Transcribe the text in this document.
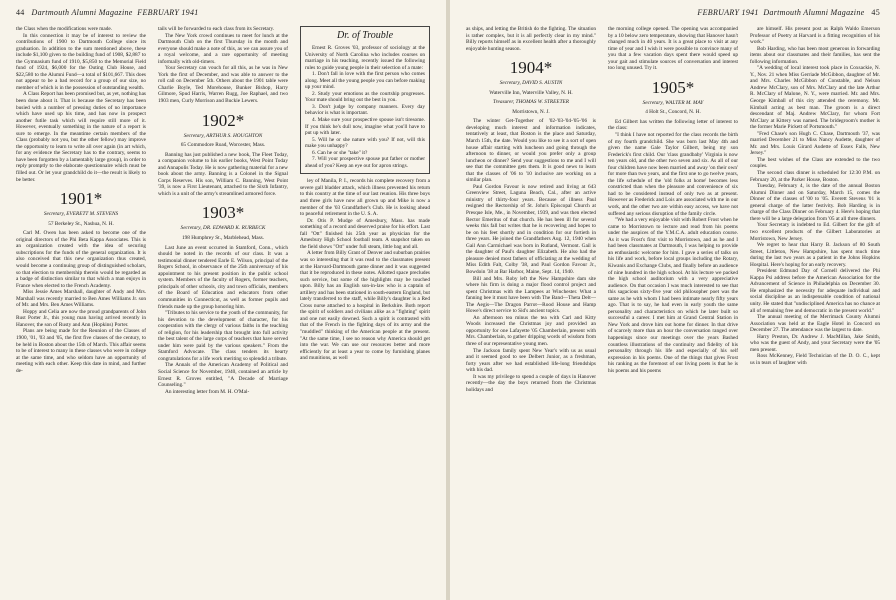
44 Dartmouth Alumni Magazine FEBRUARY 1941

the Class when the modifications were made.

In this connection it may be of interest to review the contributions of 1900 to Dartmouth College since its graduation. In addition to the sum mentioned above, these include $1,100 given to the building fund of 1908, $2,887 to the Gymnasium fund of 1910, $5,850 to the Memorial Field fund of 1924, $6,000 for the Outing Club House, and $22,580 to the Alumni Fund—a total of $101,667. This does not appear to be a bad record for a group of our size, no member of which is in the possession of outstanding wealth.

A Class Report has been promised but, as yet, nothing has been done about it. That is because the Secretary has been busied with a number of pressing duties of no importance which have used up his time, and has now in prospect another futile task which will require still more of it. However, eventually something in the nature of a report is sure to emerge. In the meantime certain members of the Class (probably not you, but the other fellow) may improve the opportunity to learn to write all over again (in art which, for any evidence the Secretary has to the contrary, seems to have been forgotten by a lamentably large group), in order to reply promptly to the elaborate questionnaire which must be filled out. Or let your grandchild do it—the result is likely to be better.

1901*
Secretary, EVERETT M. STEVENS
57 Berkeley St., Nashua, N. H.

Carl M. Owen has been asked to become one of the original directors of the Phi Beta Kappa Associates. This is an organization created with the idea of securing subscriptions for the funds of the general organization. It is also conceived that this new organization thus created, would become a continuing group of distinguished scholars, so that election to membership therein would be regarded as a badge of distinction similar to that which a man enjoys in France when elected to the French Academy.

Miss Jessie Ames Marshall, daughter of Andy and Mrs. Marshall was recently married to Ben Ames Williams Jr. son of Mr. and Mrs. Ben Ames Williams.

Hoppy and Celia are now the proud grandparents of John Rust Porter Jr., this young man having arrived recently in Hanover, the son of Rusty and Ann (Hopkins) Porter.

Plans are being made for the Reunion of the Classes of 1900, '01, '03 and '05, the first five classes of the century, to be held in Boston about the 15th of March. This affair seems to be of interest to many in these classes who were in college at the same time, and who seldom have an opportunity of meeting with each other. Keep this date in mind, and further de-

tails will be forwarded to each class from its Secretary.

The New York crowd continues to meet for lunch at the Dartmouth Club on the first Thursday in the month and everyone should make a note of this, as we can assure you of a royal welcome, and a rare opportunity of meeting informally with old-timers.

Your Secretary can vouch for all this, as he was in New York the first of December, and was able to answer to the roll call on December 5th. Others about the 1901 table were Charlie Boyle, Ted Morehouse, Bunker Bishop, Harry Gilmore, Spud Harris, Warren Rugg, Joe Raphael, and two 1903 men, Curly Morrison and Buckie Lewers.

1902*
Secretary, ARTHUR S. HOUGHTON
65 Commodore Road, Worcester, Mass.

Banning has just published a new book, The Fleet Today, a companion volume to his earlier books, West Point Today and Annapolis Today. He is now gathering material for a new book about the army. Banning is a Colonel in the Signal Corps Reserves. His son, William C. Banning, West Point '39, is now a First Lieutenant, attached to the Sixth Infantry, which is a unit of the army's streamlined armored force.

1903*
Secretary, DR. EDWARD K. RURBECK
198 Humphrey St., Marblehead, Mass.

Last June an event occurred in Stamford, Conn., which should be noted in the records of our class. It was a testimonial dinner tendered Earle E. Wilson, principal of the Rogers School, in observance of the 25th anniversary of his appointment to his present position in the public school system. Members of the faculty of Rogers, former teachers, principals of other schools, city and town officials, members of the Board of Education and educators from other communities in Connecticut, as well as former pupils and friends made up the group honoring him.

"Tributes to his service to the youth of the community, for his devotion to the development of character, for his cooperation with the clergy of various faiths in the teaching of religion, for his leadership that brought into full activity the best talent of the large corps of teachers that have served under him were paid by the various speakers." From the Stamford Advocate. The class tenders its hearty congratulations for a life work meriting so splendid a tribute.

The Annals of the American Academy of Political and Social Science for November, 1940, contained an article by Ernest R. Groves entitled, "A Decade of Marriage Counseling."

An interesting letter from M. H. O'Mal-

Dr. of Trouble

Ernest R. Groves '03, professor of sociology at the University of North Carolina who includes courses on marriage in his teaching, recently issued the following rules to guide young people in their selection of a mate:

1. Don't fall in love with the first person who comes along. Meet all the young people you can before making up your mind.

2. Study your emotions as the courtship progresses. Your mate should bring out the best in you.

3. Don't judge by company manners. Every day behavior is what is important.

4. Make sure your prospective spouse isn't tiresome. If you think he's dull now, imagine what you'll have to put up with later.

5. Will he or she nature with you? If not, will this make you unhappy?

6. Can he or she "take" it?

7. Will your prospective spouse put father or mother ahead of you? Keep an eye out for apron strings.

ley of Manila, P. I., records his complete recovery from a severe gall bladder attack, which illness prevented his return to this country at the time of our last reunion. His three boys and three girls have now all grown up and Mike is now a member of the '03 Grandfather's Club. He is looking ahead to peaceful retirement in the U. S. A.

Dr. Otis P. Mudge of Amesbury, Mass. has made something of a record and deserved praise for his effort. Last fall "Ott" finished his 25th year as physician for the Amesbury High School football team. A snapshot taken on the field shows "Ott" under full steam, little bag and all.

A letter from Billy Grant of Denver and suburban prairies was so interesting that it was read to the classmates present at the Harvard-Dartmouth game dinner and it was suggested that it be reproduced in these notes. Allotted space precludes such service, but some of the highlights may be touched upon. Billy has an English son-in-law who is a captain of artillery and has been stationed in south-eastern England, but lately transferred to the staff, while Billy's daughter is a Red Cross nurse attached to a hospital in Berkshire. Both report the spirit of soldiers and civilians alike as a "fighting" spirit and one not easily downed. Such a spirit is contrasted with that of the French in the fighting days of its army and the "muddled" thinking of the American people at the present. "At the same time, I see no reason why America should get into the war. We can use our resources better and more efficiently for at least a year to come by furnishing planes and munitions, as well

FEBRUARY 1941 Dartmouth Alumni Magazine 45

as ships, and letting the British do the fighting. The situation is rather complex, but it is all perfectly clear in my mind." Billy reports himself as in excellent health after a thoroughly enjoyable hunting season.

1904*
Secretary, DAVID S. AUSTIN
Waterville Inn, Waterville Valley, N. H.
Treasurer, THOMAS W. STREETER
Morristown, N. J.

The winter Get-Together of '02-'03-'04-'05-'06 is developing much interest and information indicates, tentatively at least, that Boston is the place and Saturday, March 15th, the date. Would you like to see it a sort of open house affair starting with luncheon and going through the afternoon to dinner, or would you prefer only a group luncheon or dinner? Send your suggestions to me and I will see that the committee gets them. It is good news to learn that the classes of '06 to '10 inclusive are working on a similar plan.

Paul Gordon Favour is now retired and living at 643 Greenview Street, Laguna Beach, Cal., after an active ministry of thirty-four years. Because of illness Paul resigned the Rectorship of St. John's Episcopal Church at Presque Isle, Me., in November, 1939, and was then elected Rector Emeritus of that church. He has been ill for several weeks this fall but writes that he is recovering and hopes to be on his feet shortly and in condition for our fortieth in three years. He joined the Grandfathers Aug. 12, 1940 when Gail Ann Carmichael was born in Rutland, Vermont. Gail is the daughter of Paul's daughter Elizabeth. He also had the pleasure denied most fathers of officiating at the wedding of Miss Edith Falt, Colby '38, and Paul Gordon Favour Jr., Bowdoin '38 at Bar Harbor, Maine, Sept. 14, 1940.

Bill and Mrs. Roby left the New Hampshire dam site where his firm is doing a major flood control project and spent Christmas with the Lampees at Winchester. What a fanning bee it must have been with The Band—Theta Delt—The Aegis—The Dragon Parrot—Rood House and Hamp Howe's direct service to Sid's ancient topics.

An afternoon tea minus the tea with Carl and Kitty Woods increased the Christmas joy and provided an opportunity for one Lafayette '05 Chamberlain, present with Mrs. Chamberlain, to gather dripping words of wisdom from three of our representative young men.

The Jackson family spent New Year's with us as usual and it seemed good to see Delbert Junior, as a freshman, forty years after we had established life-long friendships with his dad.

It was my privilege to spend a couple of days in Hanover recently—the day the boys returned from the Christmas holidays and

the morning college opened. The opening was accompanied by a 10 below zero temperature, showing that Hanover hasn't changed much in 40 years. It is a great place to visit at any time of year and I wish it were possible to convince many of you that a few vacation days spent there would speed up your gait and stimulate sources of conversation and interest too long unused. Try it.

1905*
Secretary, WALTER M. MAY
4 Holt St., Concord, N. H.

Ed Gilbert has written the following letter of interest to the class:

"I think I have not reported for the class records the birth of my fourth grandchild. She was born last May 4th and given the name Gale Taylor Gilbert, being my son Frederick's first child. Our 'class grandbaby' Virginia is now ten years old, and the other two seven and six. As all of our four children have now been married and away 'on their own' for more than two years, and the first one to go twelve years, the life schedule of the 'old folks at home' becomes less constricted than when the pleasure and convenience of six had to be considered instead of only two as at present. However as Frederick and Lois are associated with me in our work, and the other two are within easy access, we have not suffered any serious disruption of the family circle.

"We had a very enjoyable visit with Robert Frost when he came to Morristown to lecture and read from his poems under the auspices of the Y.M.C.A. adult education course. As it was Frost's first visit to Morristown, and as he and I had been classmates at Dartmouth, I was helping to provide an enthusiastic welcome for him. I gave a series of talks on his life and work, before local groups including the Rotary, Kiwanis and Exchange Clubs, and finally before an audience of nine hundred in the high school. At his lecture we packed the high school auditorium with a very appreciative audience. On that occasion I was much interested to see that this sagacious sixty-five year old philosopher poet was the same as he with whom I had been intimate nearly fifty years ago. That is to say, he had even in early youth the same personality and characteristics on which he later built so successful a career. I met him at Grand Central Station in New York and drove him out home for dinner. In that drive of scarcely more than an hour the conversation ranged over happenings since our meetings over the years Bashed countless illustrations of the continuity and fidelity of his personality through his life and especially of his self expression in his poems. One of the things that gives Frost his ranking as the foremost of our living poets is that he is his poems and his poems

are himself. His present post as Ralph Waldo Emerson Professor of Poetry at Harvard is a fitting recognition of his work."

Bob Harding, who has been most generous in forwarding items about our classmates and their families, has sent the following information.

"A wedding of local interest took place in Coxsackie, N. Y., Nov. 21 when Miss Gerriade McGibbon, daughter of Mr. and Mrs. Charles McGibbon of Constable, and Nelson Andrew McClary, son of Mrs. McClary and the late Arthur R. McClary of Malone, N. Y., were married. Mr. and Mrs. George Kimball of this city attended the ceremony. Mr. Kimball acting as best man. The groom is a direct descendant of Maj. Andrew McClary, for whom Fort McClary at Kittery was named. The bridegroom's mother is the former Marie Pickett of Portsmouth."

"Fred Chase's son Hugh C. Chase, Dartmouth '37, was married December 21 to Miss Nancy Audette, daughter of Mr. and Mrs. Louis Girard Audette of Essex Falls, New Jersey."

The best wishes of the Class are extended to the two couples.

The second class dinner is scheduled for 12:30 P.M. on February 20, at the Parker House, Boston.

Tuesday, February 4, is the date of the annual Boston Alumni Dinner and on Saturday, March 15, comes the Dinner of the classes of '00 to '05. Everett Stevens '01 is general charge of the latter festivity. Bob Harding is in charge of the Class Dinner on February 4. Here's hoping that there will be a large delegation from '05 at all three dinners.

Your Secretary is indebted to Ed. Gilbert for the gift of two excellent products of the Gilbert Laboratories at Morristown, New Jersey.

We regret to hear that Harry B. Jackson of 80 South Street, Littleton, New Hampshire, has spent much time during the last two years as a patient in the Johns Hopkins Hospital. Here's hoping for an early recovery.

President Edmund Day of Cornell delivered the Phi Kappa Psi address before the American Association for the Advancement of Science in Philadelphia on December 30. He emphasized the necessity for adequate individual and social discipline as an indispensable condition of national unity. He stated that "undisciplined America has no chance at all of remaining free and democratic in the present world."

The annual meeting of the Merrimack County Alumni Association was held at the Eagle Hotel in Concord on December 27. The attendance was the largest to date.

Harry Preston, Dr. Andrew J. MacMillan, Jake Smith, who was the guest of Andy, and your Secretary were the '05 men present.

Ross McKenney, Field Technician of the D. O. C., kept us in tears of laughter with
